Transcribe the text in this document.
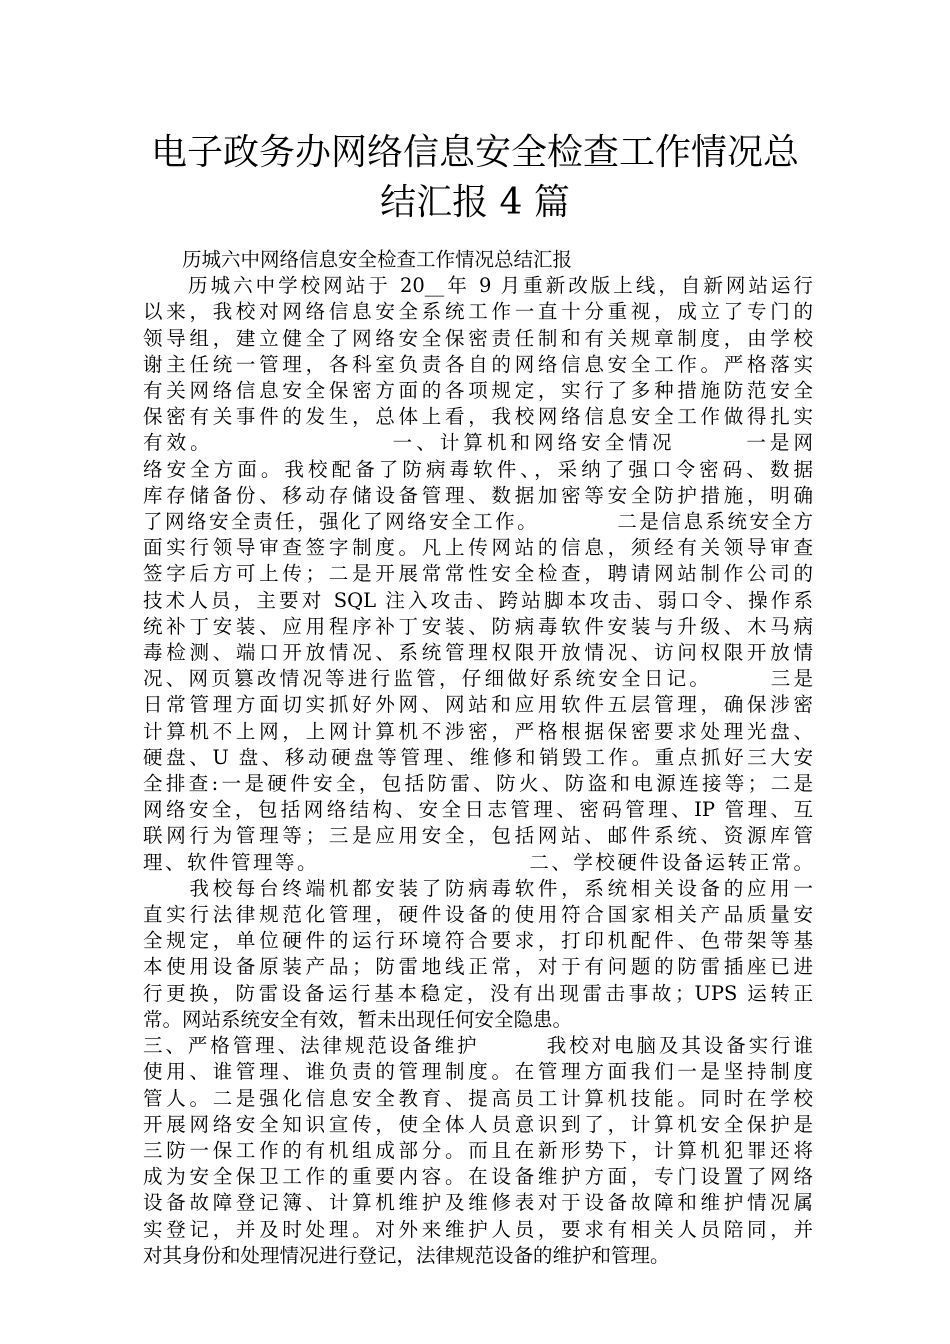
电子政务办网络信息安全检查工作情况总
结汇报 4 篇
　　历城六中网络信息安全检查工作情况总结汇报
　　历城六中学校网站于 20__年 9 月重新改版上线，自新网站运行
以来，我校对网络信息安全系统工作一直十分重视，成立了专门的
领导组，建立健全了网络安全保密责任制和有关规章制度，由学校
谢主任统一管理，各科室负责各自的网络信息安全工作。严格落实
有关网络信息安全保密方面的各项规定，实行了多种措施防范安全
保密有关事件的发生，总体上看，我校网络信息安全工作做得扎实
有效。　　　　　　　　一、计算机和网络安全情况　　　一是网
络安全方面。我校配备了防病毒软件、，采纳了强口令密码、数据
库存储备份、移动存储设备管理、数据加密等安全防护措施，明确
了网络安全责任，强化了网络安全工作。　　　　二是信息系统安全方
面实行领导审查签字制度。凡上传网站的信息，须经有关领导审查
签字后方可上传；二是开展常常性安全检查，聘请网站制作公司的
技术人员，主要对 SQL 注入攻击、跨站脚本攻击、弱口令、操作系
统补丁安装、应用程序补丁安装、防病毒软件安装与升级、木马病
毒检测、端口开放情况、系统管理权限开放情况、访问权限开放情
况、网页篡改情况等进行监管，仔细做好系统安全日记。　　　三是
日常管理方面切实抓好外网、网站和应用软件五层管理，确保涉密
计算机不上网，上网计算机不涉密，严格根据保密要求处理光盘、
硬盘、U 盘、移动硬盘等管理、维修和销毁工作。重点抓好三大安
全排查:一是硬件安全，包括防雷、防火、防盗和电源连接等；二是
网络安全，包括网络结构、安全日志管理、密码管理、IP 管理、互
联网行为管理等；三是应用安全，包括网站、邮件系统、资源库管
理、软件管理等。　　　　　　　　　　二、学校硬件设备运转正常。
　　我校每台终端机都安装了防病毒软件，系统相关设备的应用一
直实行法律规范化管理，硬件设备的使用符合国家相关产品质量安
全规定，单位硬件的运行环境符合要求，打印机配件、色带架等基
本使用设备原装产品；防雷地线正常，对于有问题的防雷插座已进
行更换，防雷设备运行基本稳定，没有出现雷击事故；UPS 运转正
常。网站系统安全有效，暂未出现任何安全隐患。
三、严格管理、法律规范设备维护　　　我校对电脑及其设备实行谁
使用、谁管理、谁负责的管理制度。在管理方面我们一是坚持制度
管人。二是强化信息安全教育、提高员工计算机技能。同时在学校
开展网络安全知识宣传，使全体人员意识到了，计算机安全保护是
三防一保工作的有机组成部分。而且在新形势下，计算机犯罪还将
成为安全保卫工作的重要内容。在设备维护方面，专门设置了网络
设备故障登记簿、计算机维护及维修表对于设备故障和维护情况属
实登记，并及时处理。对外来维护人员，要求有相关人员陪同，并
对其身份和处理情况进行登记，法律规范设备的维护和管理。
